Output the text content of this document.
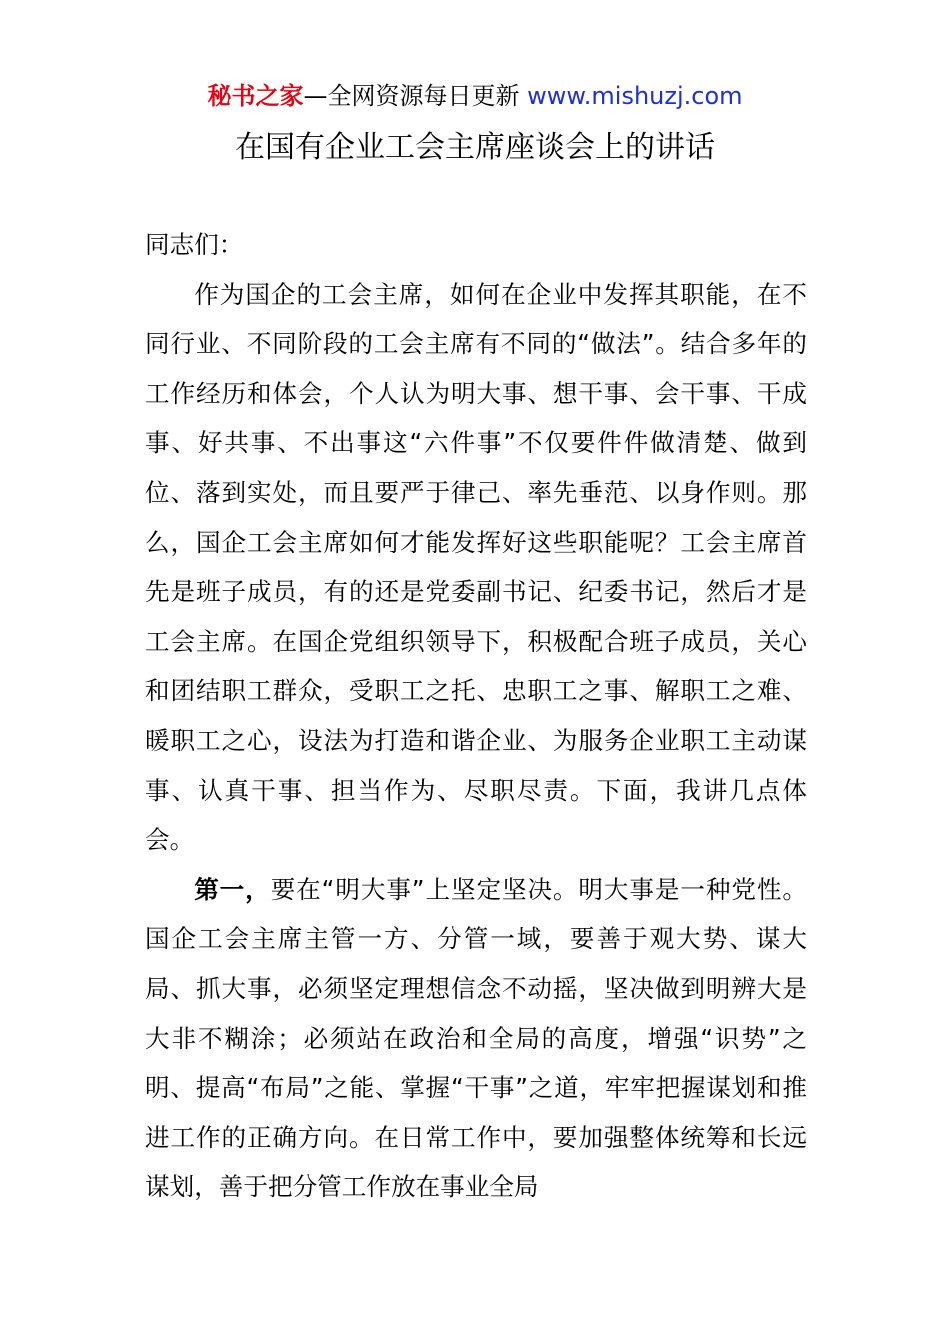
秘书之家—全网资源每日更新 www.mishuzj.com
在国有企业工会主席座谈会上的讲话

同志们：

作为国企的工会主席，如何在企业中发挥其职能，在不同行业、不同阶段的工会主席有不同的“做法”。结合多年的工作经历和体会，个人认为明大事、想干事、会干事、干成事、好共事、不出事这“六件事”不仅要件件做清楚、做到位、落到实处，而且要严于律己、率先垂范、以身作则。那么，国企工会主席如何才能发挥好这些职能呢？工会主席首先是班子成员，有的还是党委副书记、纪委书记，然后才是工会主席。在国企党组织领导下，积极配合班子成员，关心和团结职工群众，受职工之托、忠职工之事、解职工之难、暖职工之心，设法为打造和谐企业、为服务企业职工主动谋事、认真干事、担当作为、尽职尽责。下面，我讲几点体会。

第一，要在“明大事”上坚定坚决。明大事是一种党性。国企工会主席主管一方、分管一域，要善于观大势、谋大局、抓大事，必须坚定理想信念不动摇，坚决做到明辨大是大非不糊涂；必须站在政治和全局的高度，增强“识势”之明、提高“布局”之能、掌握“干事”之道，牢牢把握谋划和推进工作的正确方向。在日常工作中，要加强整体统筹和长远谋划，善于把分管工作放在事业全局
